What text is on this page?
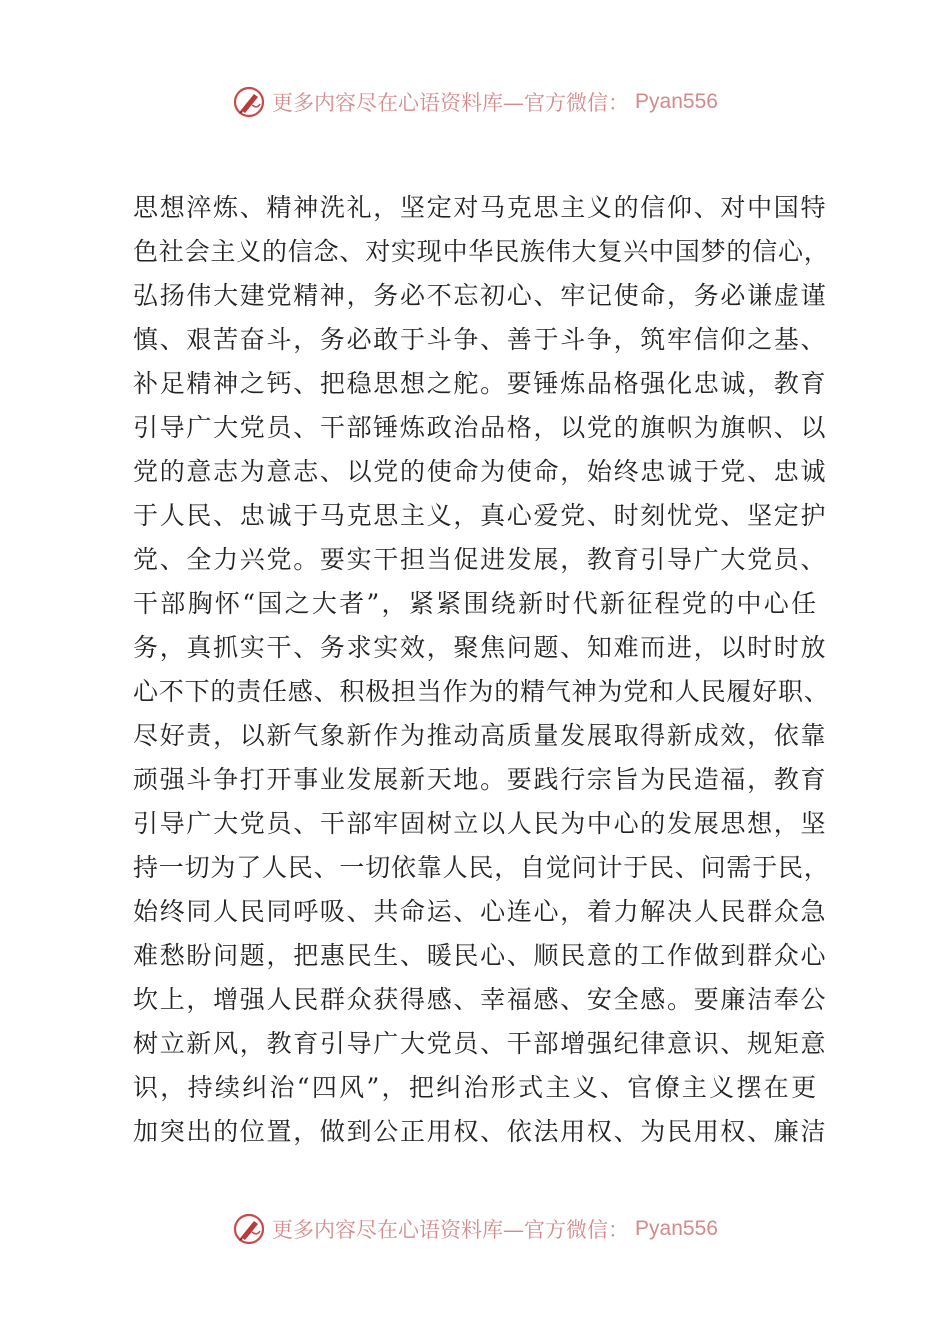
更多内容尽在心语资料库—官方微信： Pyan556
思想淬炼、精神洗礼，坚定对马克思主义的信仰、对中国特
色社会主义的信念、对实现中华民族伟大复兴中国梦的信心，
弘扬伟大建党精神，务必不忘初心、牢记使命，务必谦虚谨
慎、艰苦奋斗，务必敢于斗争、善于斗争，筑牢信仰之基、
补足精神之钙、把稳思想之舵。要锤炼品格强化忠诚，教育
引导广大党员、干部锤炼政治品格，以党的旗帜为旗帜、以
党的意志为意志、以党的使命为使命，始终忠诚于党、忠诚
于人民、忠诚于马克思主义，真心爱党、时刻忧党、坚定护
党、全力兴党。要实干担当促进发展，教育引导广大党员、
干部胸怀“国之大者”，紧紧围绕新时代新征程党的中心任
务，真抓实干、务求实效，聚焦问题、知难而进，以时时放
心不下的责任感、积极担当作为的精气神为党和人民履好职、
尽好责，以新气象新作为推动高质量发展取得新成效，依靠
顽强斗争打开事业发展新天地。要践行宗旨为民造福，教育
引导广大党员、干部牢固树立以人民为中心的发展思想，坚
持一切为了人民、一切依靠人民，自觉问计于民、问需于民，
始终同人民同呼吸、共命运、心连心，着力解决人民群众急
难愁盼问题，把惠民生、暖民心、顺民意的工作做到群众心
坎上，增强人民群众获得感、幸福感、安全感。要廉洁奉公
树立新风，教育引导广大党员、干部增强纪律意识、规矩意
识，持续纠治“四风”，把纠治形式主义、官僚主义摆在更
加突出的位置，做到公正用权、依法用权、为民用权、廉洁
更多内容尽在心语资料库—官方微信： Pyan556
